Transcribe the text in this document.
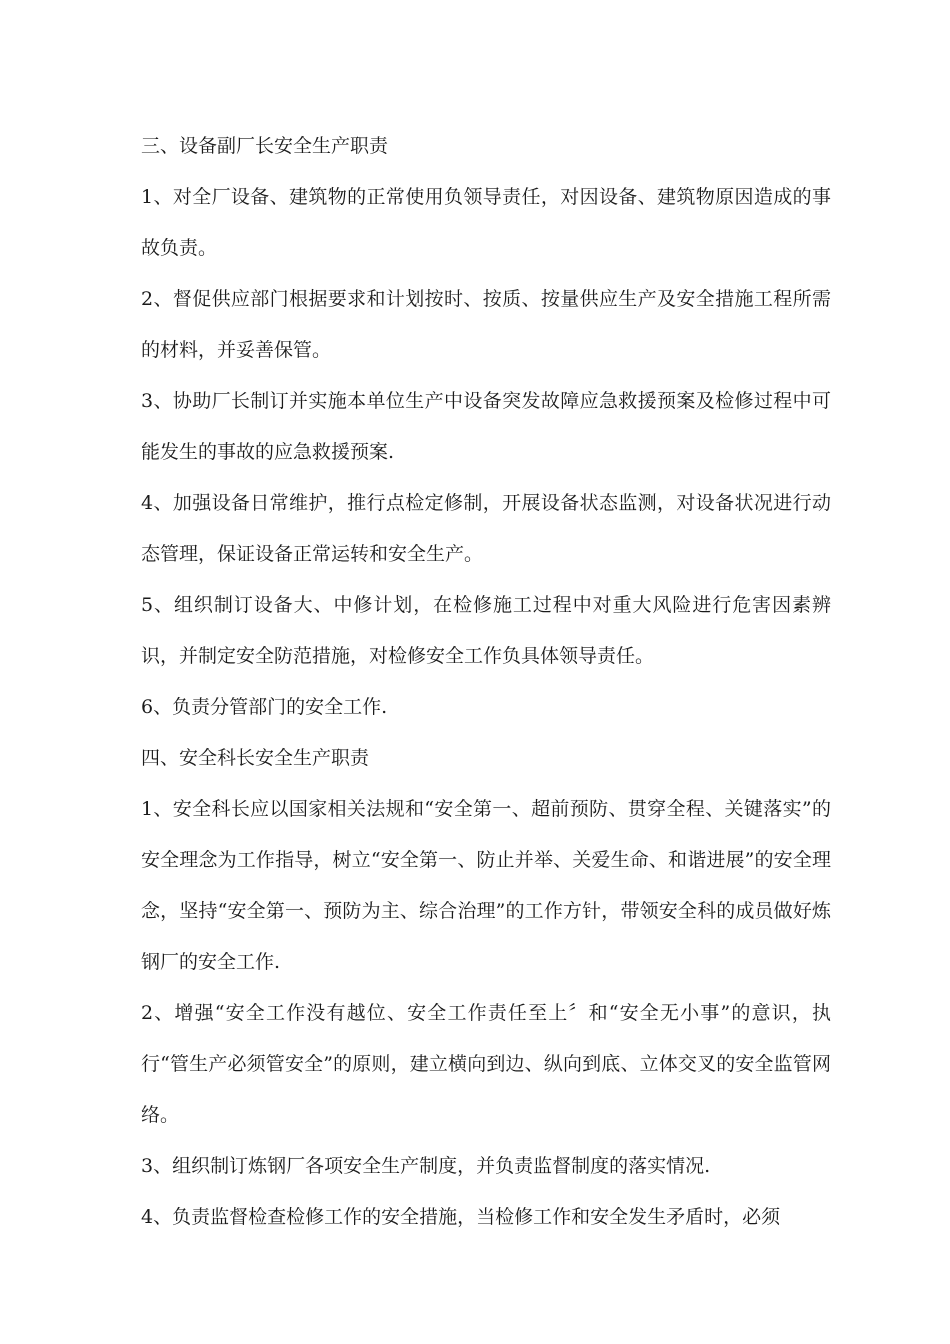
三、设备副厂长安全生产职责

1、对全厂设备、建筑物的正常使用负领导责任，对因设备、建筑物原因造成的事故负责。

2、督促供应部门根据要求和计划按时、按质、按量供应生产及安全措施工程所需的材料，并妥善保管。

3、协助厂长制订并实施本单位生产中设备突发故障应急救援预案及检修过程中可能发生的事故的应急救援预案.

4、加强设备日常维护，推行点检定修制，开展设备状态监测，对设备状况进行动态管理，保证设备正常运转和安全生产。

5、组织制订设备大、中修计划，在检修施工过程中对重大风险进行危害因素辨识，并制定安全防范措施，对检修安全工作负具体领导责任。

6、负责分管部门的安全工作.

四、安全科长安全生产职责

1、安全科长应以国家相关法规和“安全第一、超前预防、贯穿全程、关键落实”的安全理念为工作指导，树立“安全第一、防止并举、关爱生命、和谐进展”的安全理念，坚持“安全第一、预防为主、综合治理”的工作方针，带领安全科的成员做好炼钢厂的安全工作.

2、增强“安全工作没有越位、安全工作责任至上〞和“安全无小事”的意识，执行“管生产必须管安全”的原则，建立横向到边、纵向到底、立体交叉的安全监管网络。

3、组织制订炼钢厂各项安全生产制度，并负责监督制度的落实情况.

4、负责监督检查检修工作的安全措施，当检修工作和安全发生矛盾时，必须
